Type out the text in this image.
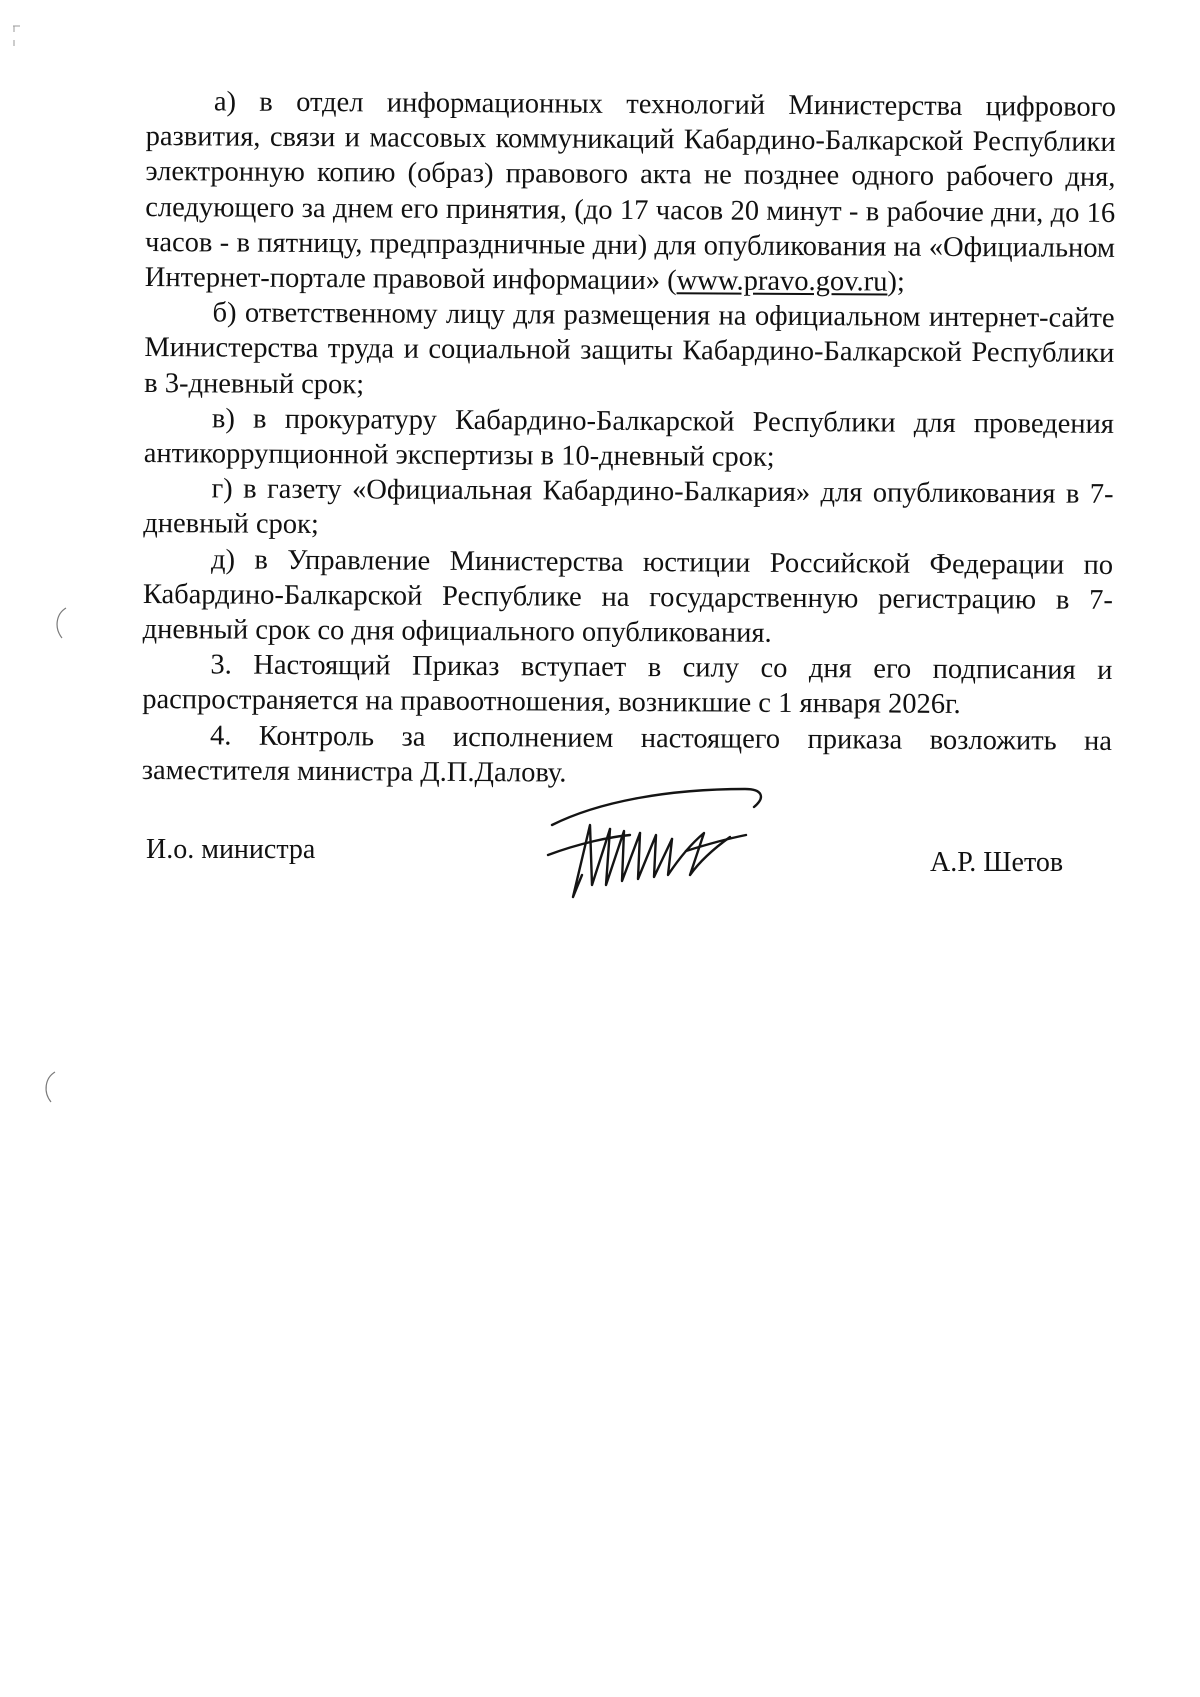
а) в отдел информационных технологий Министерства цифрового развития, связи и массовых коммуникаций Кабардино-Балкарской Республики электронную копию (образ) правового акта не позднее одного рабочего дня, следующего за днем его принятия, (до 17 часов 20 минут - в рабочие дни, до 16 часов - в пятницу, предпраздничные дни) для опубликования на «Официальном Интернет-портале правовой информации» (www.pravo.gov.ru);

б) ответственному лицу для размещения на официальном интернет-сайте Министерства труда и социальной защиты Кабардино-Балкарской Республики в 3-дневный срок;

в) в прокуратуру Кабардино-Балкарской Республики для проведения антикоррупционной экспертизы в 10-дневный срок;

г) в газету «Официальная Кабардино-Балкария» для опубликования в 7-дневный срок;

д) в Управление Министерства юстиции Российской Федерации по Кабардино-Балкарской Республике на государственную регистрацию в 7-дневный срок со дня официального опубликования.

3. Настоящий Приказ вступает в силу со дня его подписания и распространяется на правоотношения, возникшие с 1 января 2026г.

4. Контроль за исполнением настоящего приказа возложить на заместителя министра Д.П.Далову.

И.о. министра	А.Р. Шетов
